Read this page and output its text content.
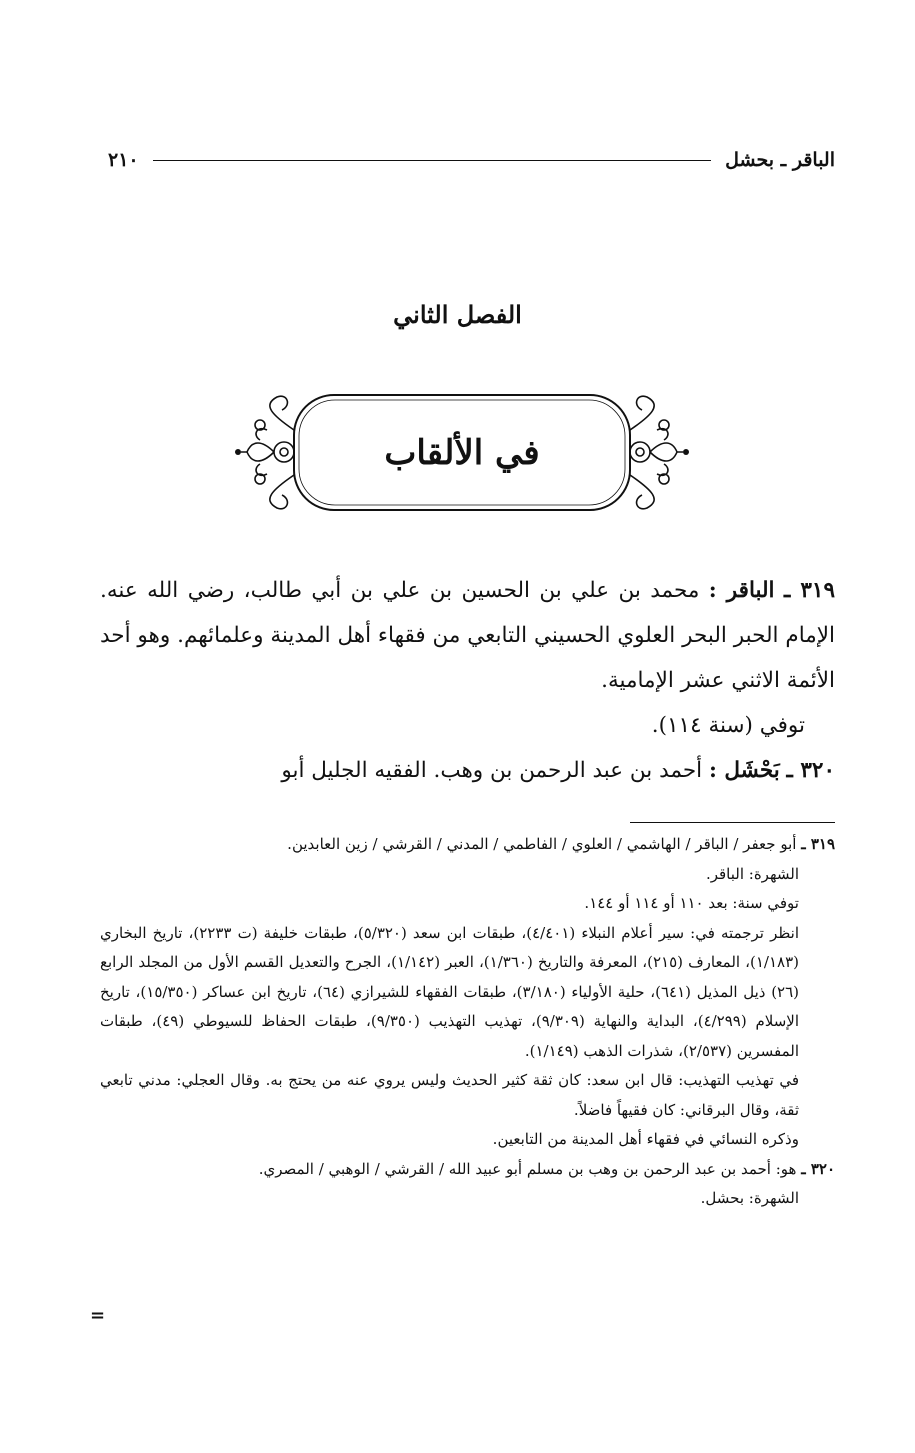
الباقر ـ بحشل
٢١٠
الفصل الثاني
في الألقاب

٣١٩ ـ الباقر : محمد بن علي بن الحسين بن علي بن أبي طالب، رضي الله عنه. الإمام الحبر البحر العلوي الحسيني التابعي من فقهاء أهل المدينة وعلمائهم. وهو أحد الأئمة الاثني عشر الإمامية.
توفي (سنة ١١٤).

٣٢٠ ـ بَحْشَل : أحمد بن عبد الرحمن بن وهب. الفقيه الجليل أبو

٣١٩ ـ أبو جعفر / الباقر / الهاشمي / العلوي / الفاطمي / المدني / القرشي / زين العابدين.
الشهرة: الباقر.
توفي سنة: بعد ١١٠ أو ١١٤ أو ١٤٤.
انظر ترجمته في: سير أعلام النبلاء (٤/٤٠١)، طبقات ابن سعد (٥/٣٢٠)، طبقات خليفة (ت ٢٢٣٣)، تاريخ البخاري (١/١٨٣)، المعارف (٢١٥)، المعرفة والتاريخ (١/٣٦٠)، العبر (١/١٤٢)، الجرح والتعديل القسم الأول من المجلد الرابع (٢٦) ذيل المذيل (٦٤١)، حلية الأولياء (٣/١٨٠)، طبقات الفقهاء للشيرازي (٦٤)، تاريخ ابن عساكر (١٥/٣٥٠)، تاريخ الإسلام (٤/٢٩٩)، البداية والنهاية (٩/٣٠٩)، تهذيب التهذيب (٩/٣٥٠)، طبقات الحفاظ للسيوطي (٤٩)، طبقات المفسرين (٢/٥٣٧)، شذرات الذهب (١/١٤٩).
في تهذيب التهذيب: قال ابن سعد: كان ثقة كثير الحديث وليس يروي عنه من يحتج به. وقال العجلي: مدني تابعي ثقة، وقال البرقاني: كان فقيهاً فاضلاً.
وذكره النسائي في فقهاء أهل المدينة من التابعين.

٣٢٠ ـ هو: أحمد بن عبد الرحمن بن وهب بن مسلم أبو عبيد الله / القرشي / الوهبي / المصري.
الشهرة: بحشل.

=
